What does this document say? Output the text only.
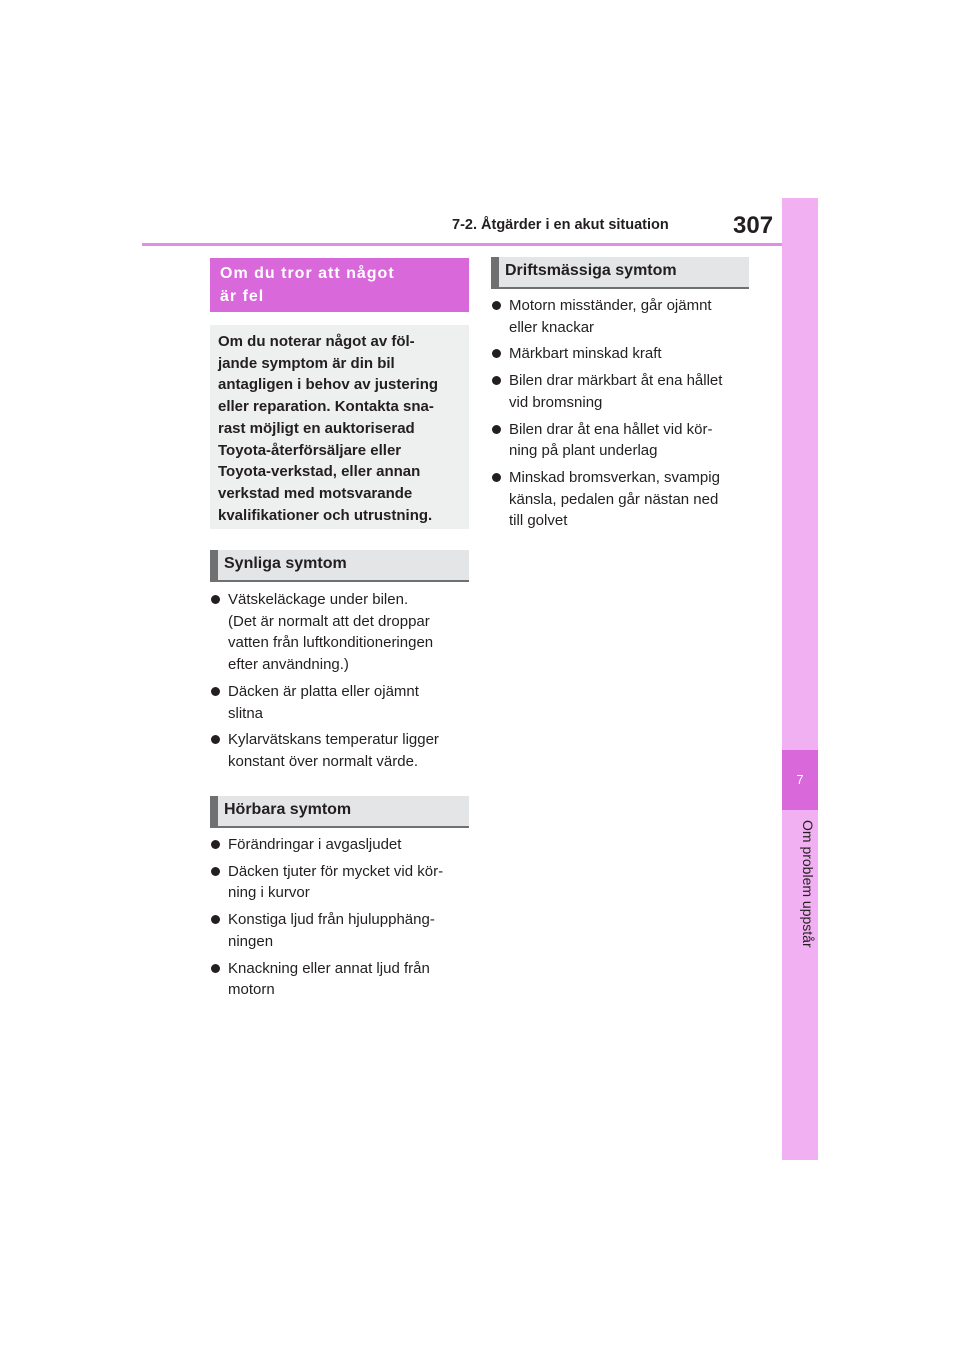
7-2. Åtgärder i en akut situation	307
7
Om problem uppstår
Om du tror att något
är fel
Om du noterar något av föl-
jande symptom är din bil
antagligen i behov av justering
eller reparation. Kontakta sna-
rast möjligt en auktoriserad
Toyota-återförsäljare eller
Toyota-verkstad, eller annan
verkstad med motsvarande
kvalifikationer och utrustning.
Synliga symtom
Vätskeläckage under bilen.
(Det är normalt att det droppar
vatten från luftkonditioneringen
efter användning.)
Däcken är platta eller ojämnt
slitna
Kylarvätskans temperatur ligger
konstant över normalt värde.
Hörbara symtom
Förändringar i avgasljudet
Däcken tjuter för mycket vid kör-
ning i kurvor
Konstiga ljud från hjulupphäng-
ningen
Knackning eller annat ljud från
motorn
Driftsmässiga symtom
Motorn misständer, går ojämnt
eller knackar
Märkbart minskad kraft
Bilen drar märkbart åt ena hållet
vid bromsning
Bilen drar åt ena hållet vid kör-
ning på plant underlag
Minskad bromsverkan, svampig
känsla, pedalen går nästan ned
till golvet
